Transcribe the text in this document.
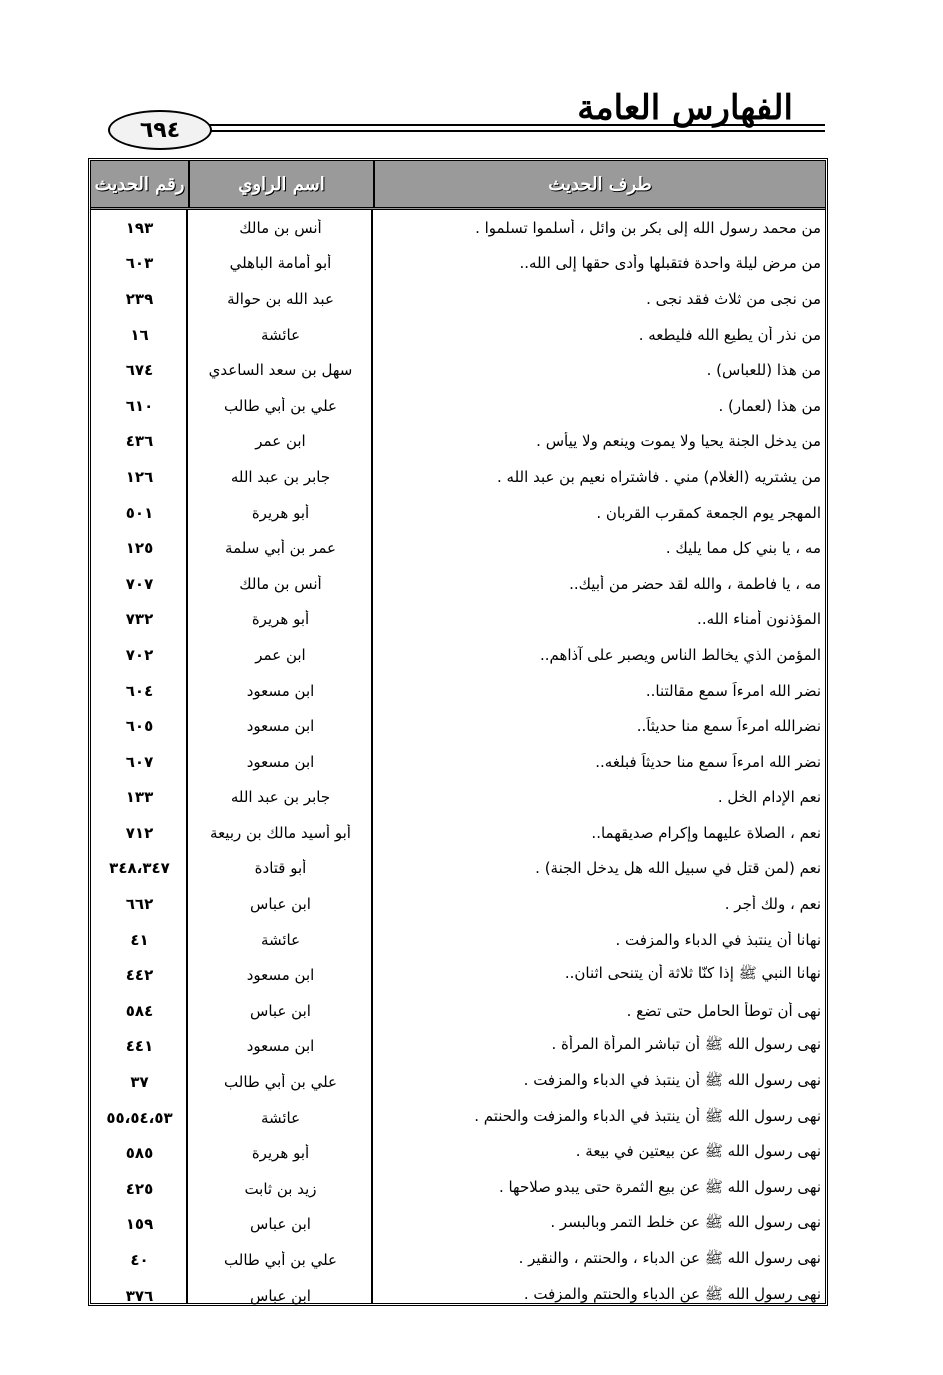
الفهارس العامة
٦٩٤
طرف الحديث
اسم الراوي
رقم الحديث
من محمد رسول الله إلى بكر بن وائل ، أسلموا تسلموا .
أنس بن مالك
١٩٣
من مرض ليلة واحدة فتقبلها وأدى حقها إلى الله..
أبو أمامة الباهلي
٦٠٣
من نجى من ثلاث فقد نجى .
عبد الله بن حوالة
٢٣٩
من نذر أن يطيع الله فليطعه .
عائشة
١٦
من هذا (للعباس) .
سهل بن سعد الساعدي
٦٧٤
من هذا (لعمار) .
علي بن أبي طالب
٦١٠
من يدخل الجنة يحيا ولا يموت وينعم ولا ييأس .
ابن عمر
٤٣٦
من يشتريه (الغلام) مني . فاشتراه نعيم بن عبد الله .
جابر بن عبد الله
١٢٦
المهجر يوم الجمعة كمقرب القربان .
أبو هريرة
٥٠١
مه ، يا بني كل مما يليك .
عمر بن أبي سلمة
١٢٥
مه ، يا فاطمة ، والله لقد حضر من أبيك..
أنس بن مالك
٧٠٧
المؤذنون أمناء الله..
أبو هريرة
٧٣٢
المؤمن الذي يخالط الناس ويصبر على آذاهم..
ابن عمر
٧٠٢
نضر الله امرءاً سمع مقالتنا..
ابن مسعود
٦٠٤
نضرالله امرءاً سمع منا حديثاً..
ابن مسعود
٦٠٥
نضر الله امرءاً سمع منا حديثاً فبلغه..
ابن مسعود
٦٠٧
نعم الإدام الخل .
جابر بن عبد الله
١٣٣
نعم ، الصلاة عليهما وإكرام صديقهما..
أبو أسيد مالك بن ربيعة
٧١٢
نعم (لمن قتل في سبيل الله هل يدخل الجنة) .
أبو قتادة
٣٤٨،٣٤٧
نعم ، ولك أجر .
ابن عباس
٦٦٢
نهانا أن ينتبذ في الدباء والمزفت .
عائشة
٤١
نهانا النبي ﷺ إذا كنّا ثلاثة أن يتنحى اثنان..
ابن مسعود
٤٤٢
نهى أن توطأ الحامل حتى تضع .
ابن عباس
٥٨٤
نهى رسول الله ﷺ أن تباشر المرأة المرأة .
ابن مسعود
٤٤١
نهى رسول الله ﷺ أن ينتبذ في الدباء والمزفت .
علي بن أبي طالب
٣٧
نهى رسول الله ﷺ أن ينتبذ في الدباء والمزفت والحنتم .
عائشة
٥٥،٥٤،٥٣
نهى رسول الله ﷺ عن بيعتين في بيعة .
أبو هريرة
٥٨٥
نهى رسول الله ﷺ عن بيع الثمرة حتى يبدو صلاحها .
زيد بن ثابت
٤٢٥
نهى رسول الله ﷺ عن خلط التمر وبالبسر .
ابن عباس
١٥٩
نهى رسول الله ﷺ عن الدباء ، والحنتم ، والنقير .
علي بن أبي طالب
٤٠
نهى رسول الله ﷺ عن الدباء والحنتم والمزفت .
ابن عباس
٣٧٦
